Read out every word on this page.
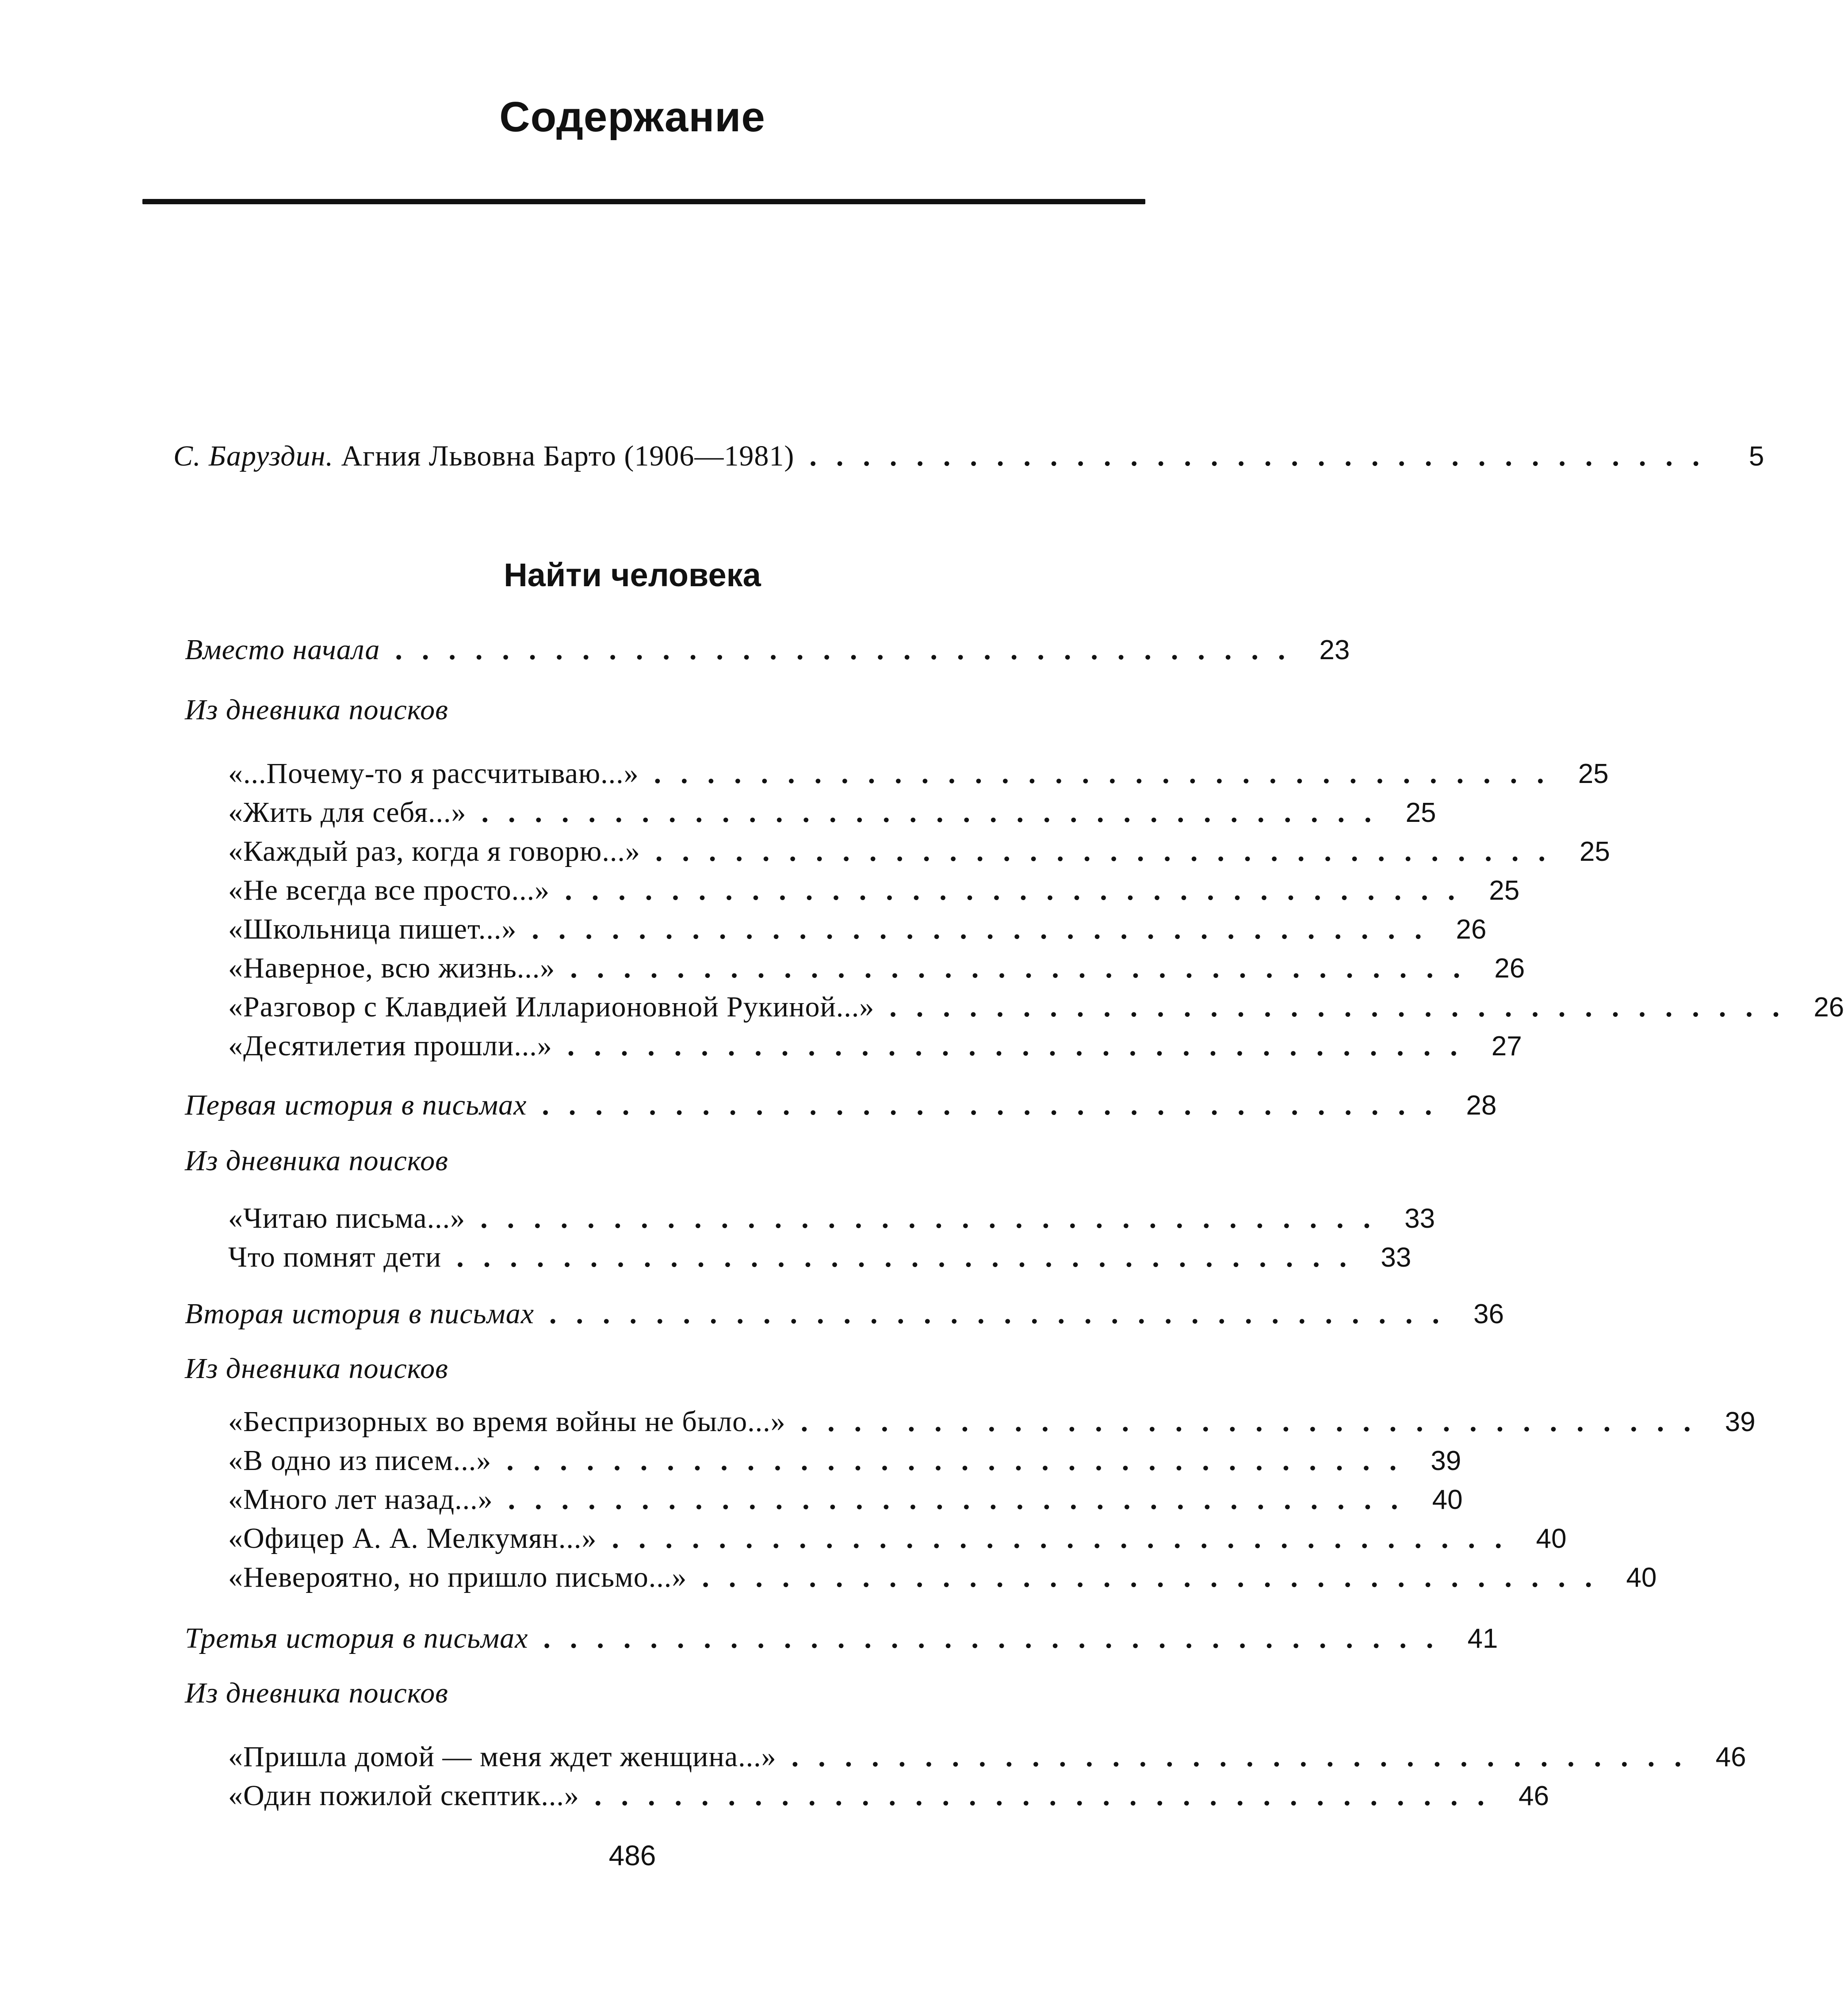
Содержание
С. Баруздин. Агния Львовна Барто (1906—1981) ..................................	5
Найти человека
Вместо начала .................................. 23
Из дневника поисков
«...Почему-то я рассчитываю...» .................................. 25
«Жить для себя...» .................................. 25
«Каждый раз, когда я говорю...» .................................. 25
«Не всегда все просто...» .................................. 25
«Школьница пишет...» .................................. 26
«Наверное, всю жизнь...» .................................. 26
«Разговор с Клавдией Илларионовной Рукиной...» .................................. 26
«Десятилетия прошли...» .................................. 27
Первая история в письмах .................................. 28
Из дневника поисков
«Читаю письма...» .................................. 33
Что помнят дети .................................. 33
Вторая история в письмах .................................. 36
Из дневника поисков
«Беспризорных во время войны не было...» .................................. 39
«В одно из писем...» .................................. 39
«Много лет назад...» .................................. 40
«Офицер А. А. Мелкумян...» .................................. 40
«Невероятно, но пришло письмо...» .................................. 40
Третья история в письмах .................................. 41
Из дневника поисков
«Пришла домой — меня ждет женщина...» .................................. 46
«Один пожилой скептик...» .................................. 46
486
